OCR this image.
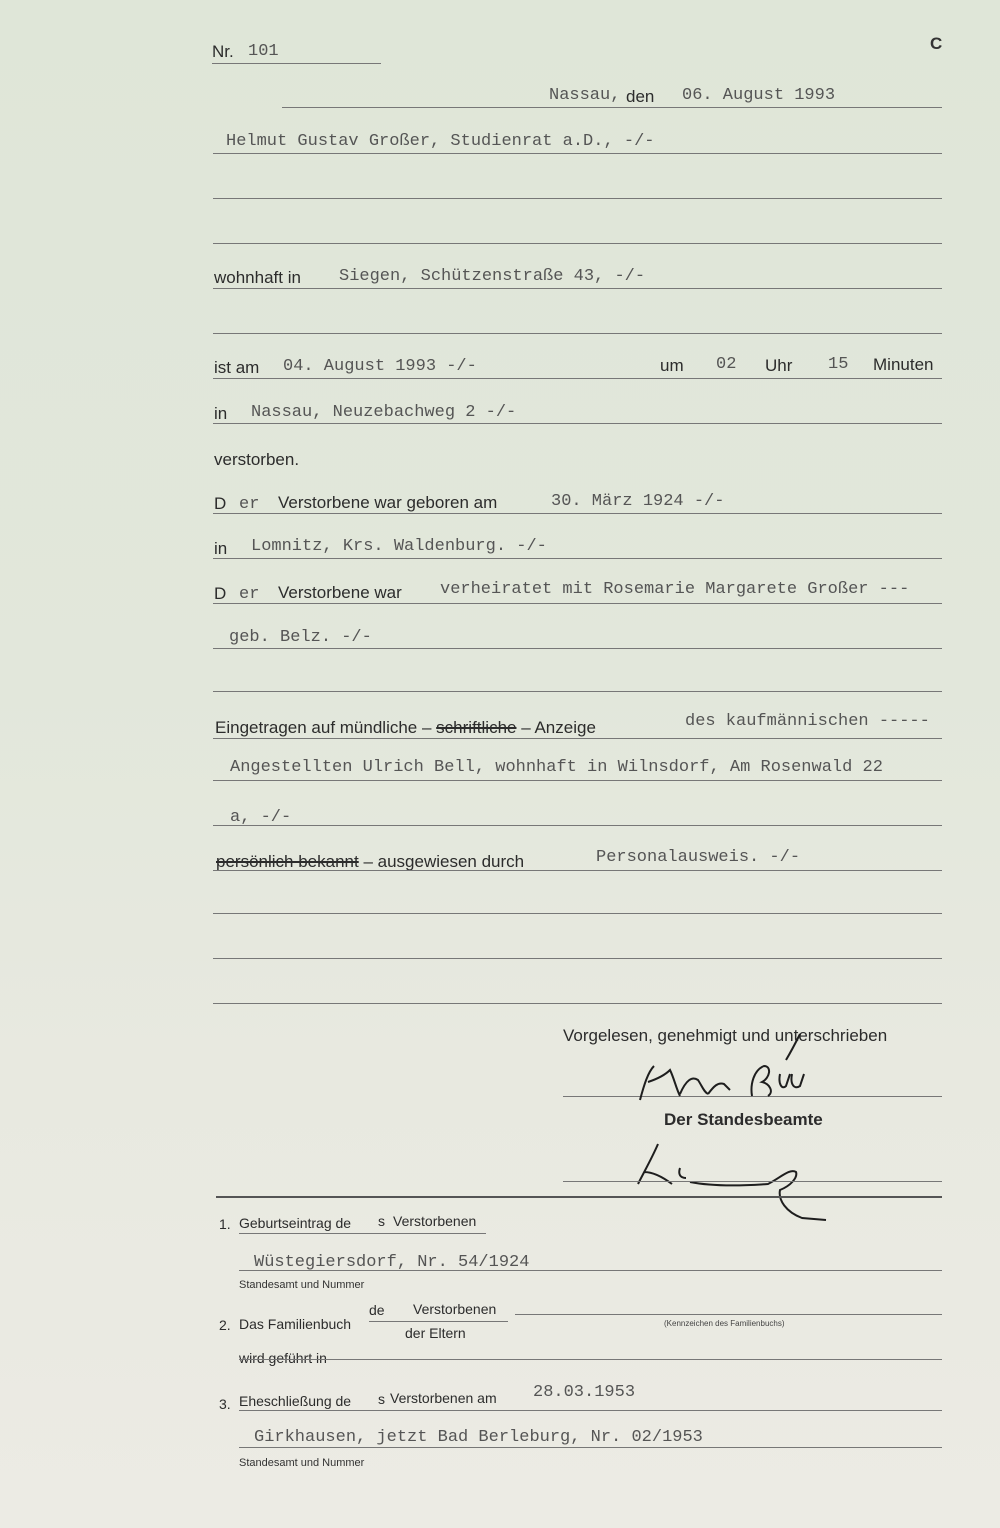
C
Nr. 101
Nassau, den 06. August 1993
Helmut Gustav Großer, Studienrat a.D., -/-
wohnhaft in Siegen, Schützenstraße 43, -/-
ist am 04. August 1993 -/-	um 02 Uhr 15 Minuten
in Nassau, Neuzebachweg 2 -/-
verstorben.
D er Verstorbene war geboren am	30. März 1924 -/-
in Lomnitz, Krs. Waldenburg. -/-
D er Verstorbene war verheiratet mit Rosemarie Margarete Großer ---
geb. Belz. -/-
Eingetragen auf mündliche – schriftliche – Anzeige	des kaufmännischen -----
Angestellten Ulrich Bell, wohnhaft in Wilnsdorf, Am Rosenwald 22
a, -/-
persönlich bekannt – ausgewiesen durch	Personalausweis. -/-
Vorgelesen, genehmigt und unterschrieben
Der Standesbeamte
1. Geburtseintrag de s Verstorbenen
Wüstegiersdorf, Nr. 54/1924
Standesamt und Nummer
de Verstorbenen
(Kennzeichen des Familienbuchs)
2. Das Familienbuch
der Eltern
wird geführt in
3. Eheschließung de s Verstorbenen am 28.03.1953
Girkhausen, jetzt Bad Berleburg, Nr. 02/1953
Standesamt und Nummer
